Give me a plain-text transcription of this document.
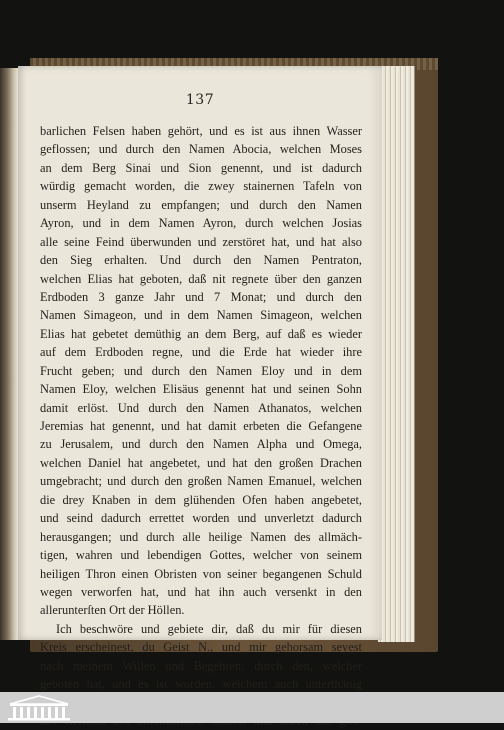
137
barlichen Felsen haben gehört, und es ist aus ihnen Wasser
geflossen; und durch den Namen Abocia, welchen Moses
an dem Berg Sinai und Sion genennt, und ist dadurch
würdig gemacht worden, die zwey stainernen Tafeln von
unserm Heyland zu empfangen; und durch den Namen
Ayron, und in dem Namen Ayron, durch welchen Josias
alle seine Feind überwunden und zerstöret hat, und hat also
den Sieg erhalten. Und durch den Namen Pentraton,
welchen Elias hat geboten, daß nit regnete über den ganzen
Erdboden 3 ganze Jahr und 7 Monat; und durch den
Namen Simageon, und in dem Namen Simageon, welchen
Elias hat gebetet demüthig an dem Berg, auf daß es wieder
auf dem Erdboden regne, und die Erde hat wieder ihre
Frucht geben; und durch den Namen Eloy und in dem
Namen Eloy, welchen Elisäus genennt hat und seinen Sohn
damit erlöst. Und durch den Namen Athanatos, welchen
Jeremias hat genennt, und hat damit erbeten die Gefangene
zu Jerusalem, und durch den Namen Alpha und Omega,
welchen Daniel hat angebetet, und hat den großen Drachen
umgebracht; und durch den großen Namen Emanuel, welchen
die drey Knaben in dem glühenden Ofen haben angebetet,
und seind dadurch errettet worden und unverletzt dadurch
herausgangen; und durch alle heilige Namen des allmäch-
tigen, wahren und lebendigen Gottes, welcher von seinem
heiligen Thron einen Obristen von seiner begangenen Schuld
wegen verworfen hat, und hat ihn auch versenkt in den
allerunterſten Ort der Höllen.
Ich beschwöre und gebiete dir, daß du mir für diesen
Kreis erscheinest, du Geist N., und mir gehorsam seyest
nach meinem Willen und Begehren; durch den, welcher
geboten hat, und es ist worden, welchem auch unterthänig
